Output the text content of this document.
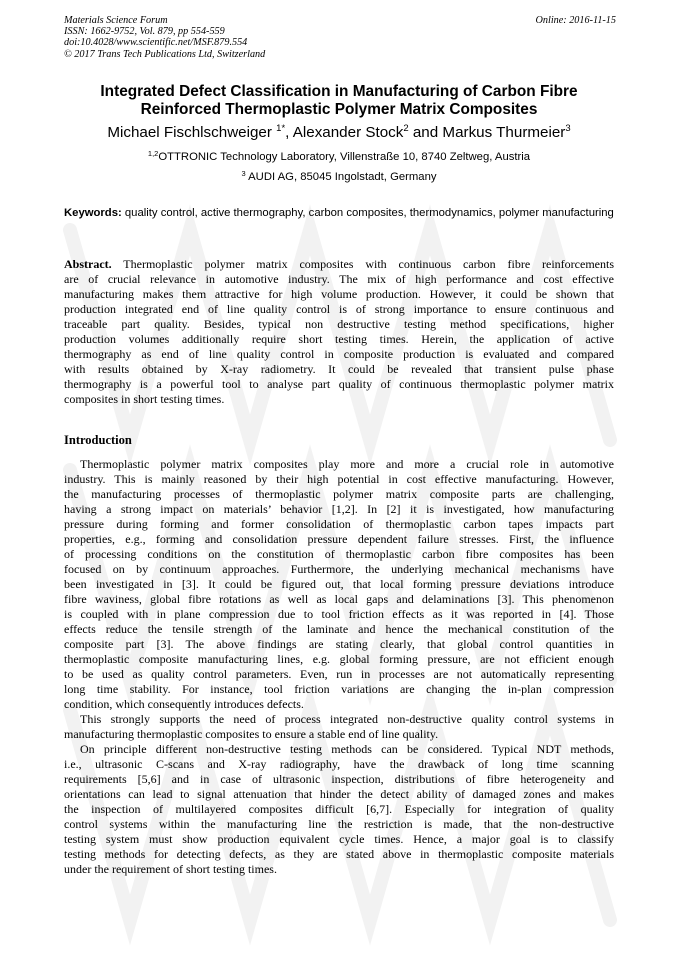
Materials Science Forum
ISSN: 1662-9752, Vol. 879, pp 554-559
doi:10.4028/www.scientific.net/MSF.879.554
© 2017 Trans Tech Publications Ltd, Switzerland
Online: 2016-11-15
Integrated Defect Classification in Manufacturing of Carbon Fibre
Reinforced Thermoplastic Polymer Matrix Composites
Michael Fischlschweiger $^{1*}$, Alexander Stock$^2$ and Markus Thurmeier$^3$
$^{1,2}$OTTRONIC Technology Laboratory, Villenstraße 10, 8740 Zeltweg, Austria
$^3$ AUDI AG, 85045 Ingolstadt, Germany
Keywords: quality control, active thermography, carbon composites, thermodynamics, polymer manufacturing
Abstract. Thermoplastic polymer matrix composites with continuous carbon fibre reinforcements
are of crucial relevance in automotive industry. The mix of high performance and cost effective
manufacturing makes them attractive for high volume production. However, it could be shown that
production integrated end of line quality control is of strong importance to ensure continuous and
traceable part quality. Besides, typical non destructive testing method specifications, higher
production volumes additionally require short testing times. Herein, the application of active
thermography as end of line quality control in composite production is evaluated and compared
with results obtained by X-ray radiometry. It could be revealed that transient pulse phase
thermography is a powerful tool to analyse part quality of continuous thermoplastic polymer matrix
composites in short testing times.
Introduction
Thermoplastic polymer matrix composites play more and more a crucial role in automotive
industry. This is mainly reasoned by their high potential in cost effective manufacturing. However,
the manufacturing processes of thermoplastic polymer matrix composite parts are challenging,
having a strong impact on materials’ behavior [1,2]. In [2] it is investigated, how manufacturing
pressure during forming and former consolidation of thermoplastic carbon tapes impacts part
properties, e.g., forming and consolidation pressure dependent failure stresses. First, the influence
of processing conditions on the constitution of thermoplastic carbon fibre composites has been
focused on by continuum approaches. Furthermore, the underlying mechanical mechanisms have
been investigated in [3]. It could be figured out, that local forming pressure deviations introduce
fibre waviness, global fibre rotations as well as local gaps and delaminations [3]. This phenomenon
is coupled with in plane compression due to tool friction effects as it was reported in [4]. Those
effects reduce the tensile strength of the laminate and hence the mechanical constitution of the
composite part [3]. The above findings are stating clearly, that global control quantities in
thermoplastic composite manufacturing lines, e.g. global forming pressure, are not efficient enough
to be used as quality control parameters. Even, run in processes are not automatically representing
long time stability. For instance, tool friction variations are changing the in-plan compression
condition, which consequently introduces defects.
This strongly supports the need of process integrated non-destructive quality control systems in
manufacturing thermoplastic composites to ensure a stable end of line quality.
On principle different non-destructive testing methods can be considered. Typical NDT methods,
i.e., ultrasonic C-scans and X-ray radiography, have the drawback of long time scanning
requirements [5,6] and in case of ultrasonic inspection, distributions of fibre heterogeneity and
orientations can lead to signal attenuation that hinder the detect ability of damaged zones and makes
the inspection of multilayered composites difficult [6,7]. Especially for integration of quality
control systems within the manufacturing line the restriction is made, that the non-destructive
testing system must show production equivalent cycle times. Hence, a major goal is to classify
testing methods for detecting defects, as they are stated above in thermoplastic composite materials
under the requirement of short testing times.
